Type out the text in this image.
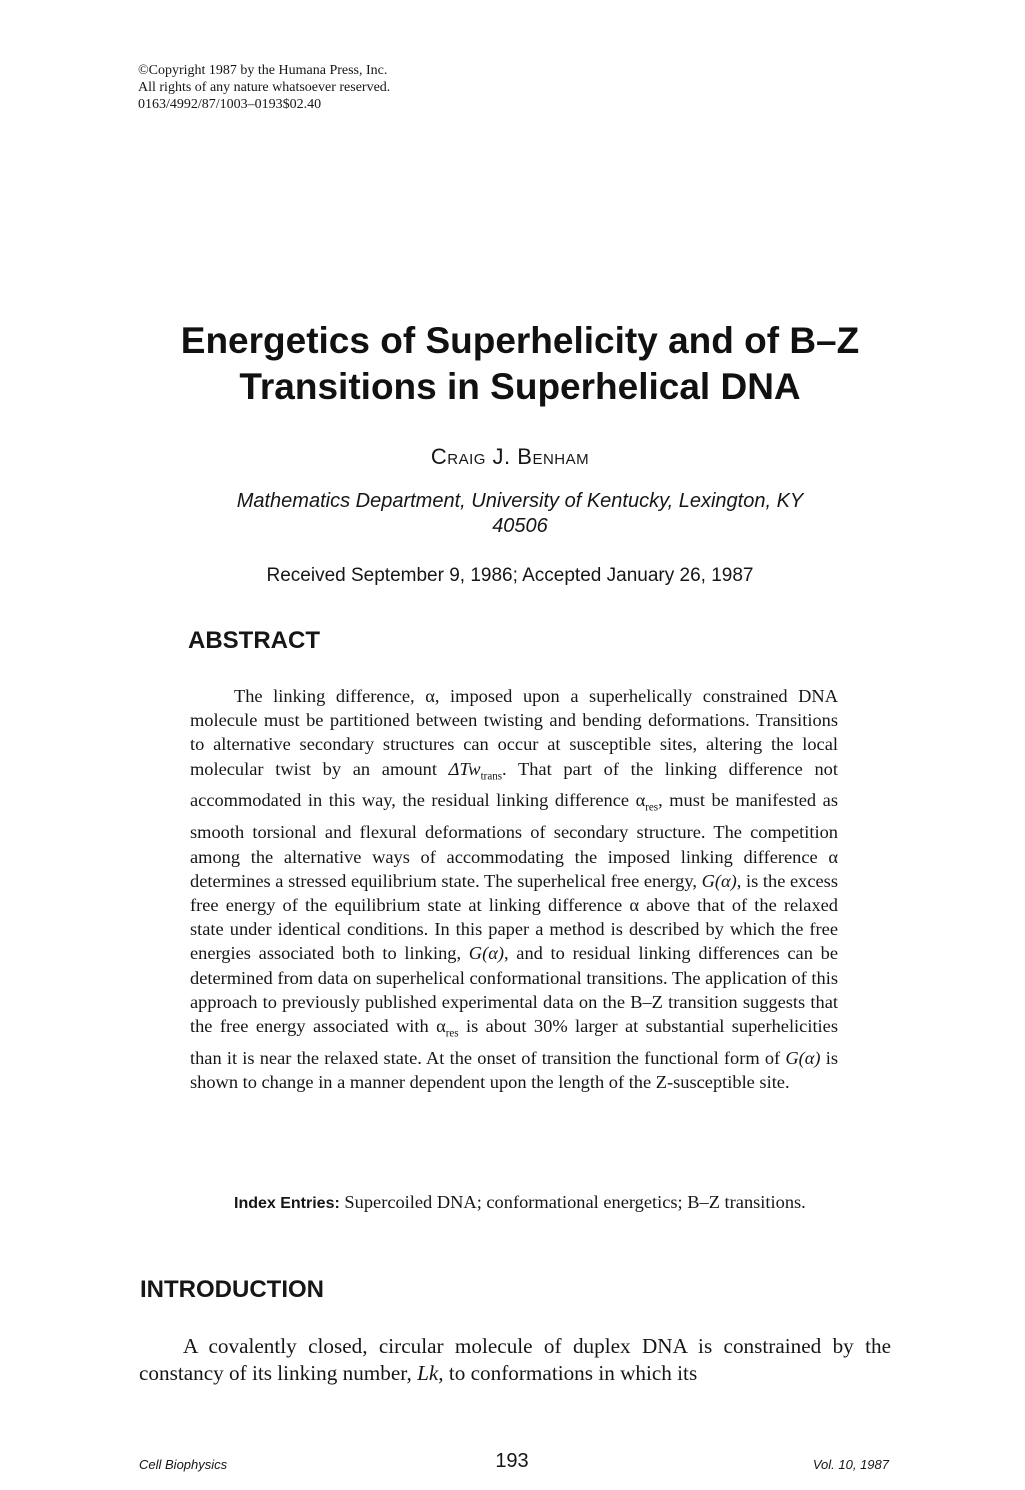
©Copyright 1987 by the Humana Press, Inc.
All rights of any nature whatsoever reserved.
0163/4992/87/1003–0193$02.40
Energetics of Superhelicity and of B–Z
Transitions in Superhelical DNA
Craig J. Benham
Mathematics Department, University of Kentucky, Lexington, KY
40506
Received September 9, 1986; Accepted January 26, 1987
ABSTRACT

The linking difference, α, imposed upon a superhelically constrained DNA molecule must be partitioned between twisting and bending deformations. Transitions to alternative secondary structures can occur at susceptible sites, altering the local molecular twist by an amount ΔTw$_{trans}$. That part of the linking difference not accommodated in this way, the residual linking difference $\alpha_{res}$, must be manifested as smooth torsional and flexural deformations of secondary structure. The competition among the alternative ways of accommodating the imposed linking difference α determines a stressed equilibrium state. The superhelical free energy, G(α), is the excess free energy of the equilibrium state at linking difference α above that of the relaxed state under identical conditions. In this paper a method is described by which the free energies associated both to linking, G(α), and to residual linking differences can be determined from data on superhelical conformational transitions. The application of this approach to previously published experimental data on the B–Z transition suggests that the free energy associated with $\alpha_{res}$ is about 30% larger at substantial superhelicities than it is near the relaxed state. At the onset of transition the functional form of G(α) is shown to change in a manner dependent upon the length of the Z-susceptible site.

Index Entries: Supercoiled DNA; conformational energetics; B–Z transitions.

INTRODUCTION

A covalently closed, circular molecule of duplex DNA is constrained by the constancy of its linking number, Lk, to conformations in which its

Cell Biophysics	193	Vol. 10, 1987
